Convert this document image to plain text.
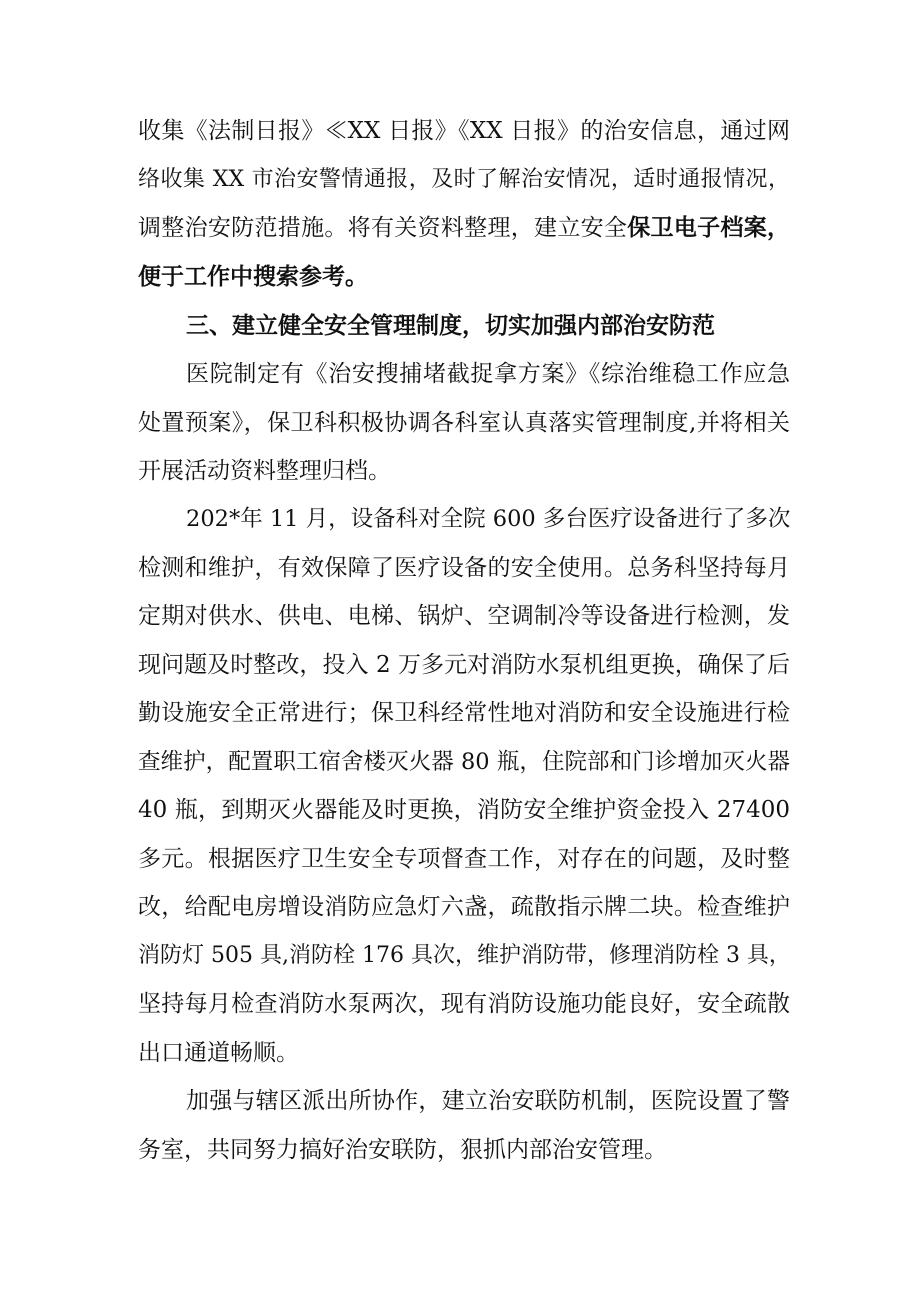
收集《法制日报》≪XX 日报》《XX 日报》的治安信息，通过网
络收集 XX 市治安警情通报，及时了解治安情况，适时通报情况，
调整治安防范措施。将有关资料整理，建立安全保卫电子档案，
便于工作中搜索参考。
三、建立健全安全管理制度，切实加强内部治安防范
医院制定有《治安搜捕堵截捉拿方案》《综治维稳工作应急
处置预案》，保卫科积极协调各科室认真落实管理制度,并将相关
开展活动资料整理归档。
202*年 11 月，设备科对全院 600 多台医疗设备进行了多次
检测和维护，有效保障了医疗设备的安全使用。总务科坚持每月
定期对供水、供电、电梯、锅炉、空调制冷等设备进行检测，发
现问题及时整改，投入 2 万多元对消防水泵机组更换，确保了后
勤设施安全正常进行；保卫科经常性地对消防和安全设施进行检
查维护，配置职工宿舍楼灭火器 80 瓶，住院部和门诊增加灭火器
40 瓶，到期灭火器能及时更换，消防安全维护资金投入 27400
多元。根据医疗卫生安全专项督查工作，对存在的问题，及时整
改，给配电房增设消防应急灯六盏，疏散指示牌二块。检查维护
消防灯 505 具,消防栓 176 具次，维护消防带，修理消防栓 3 具，
坚持每月检查消防水泵两次，现有消防设施功能良好，安全疏散
出口通道畅顺。
加强与辖区派出所协作，建立治安联防机制，医院设置了警
务室，共同努力搞好治安联防，狠抓内部治安管理。
